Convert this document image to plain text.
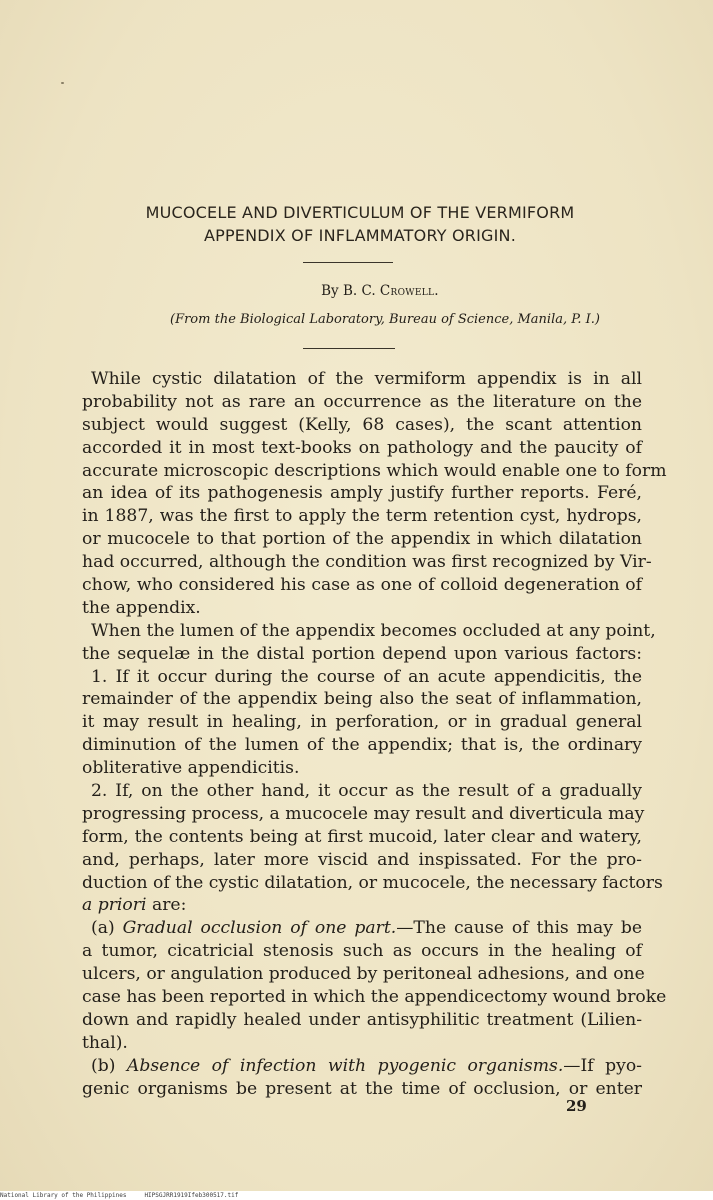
MUCOCELE AND DIVERTICULUM OF THE VERMIFORM
APPENDIX OF INFLAMMATORY ORIGIN.
By B. C. Crowell.
(From the Biological Laboratory, Bureau of Science, Manila, P. I.)
While cystic dilatation of the vermiform appendix is in all
probability not as rare an occurrence as the literature on the
subject would suggest (Kelly, 68 cases), the scant attention
accorded it in most text-books on pathology and the paucity of
accurate microscopic descriptions which would enable one to form
an idea of its pathogenesis amply justify further reports. Feré,
in 1887, was the first to apply the term retention cyst, hydrops,
or mucocele to that portion of the appendix in which dilatation
had occurred, although the condition was first recognized by Vir-
chow, who considered his case as one of colloid degeneration of
the appendix.
When the lumen of the appendix becomes occluded at any point,
the sequelæ in the distal portion depend upon various factors:
1. If it occur during the course of an acute appendicitis, the
remainder of the appendix being also the seat of inflammation,
it may result in healing, in perforation, or in gradual general
diminution of the lumen of the appendix; that is, the ordinary
obliterative appendicitis.
2. If, on the other hand, it occur as the result of a gradually
progressing process, a mucocele may result and diverticula may
form, the contents being at first mucoid, later clear and watery,
and, perhaps, later more viscid and inspissated. For the pro-
duction of the cystic dilatation, or mucocele, the necessary factors
a priori are:
(a) Gradual occlusion of one part.—The cause of this may be
a tumor, cicatricial stenosis such as occurs in the healing of
ulcers, or angulation produced by peritoneal adhesions, and one
case has been reported in which the appendicectomy wound broke
down and rapidly healed under antisyphilitic treatment (Lilien-
thal).
(b) Absence of infection with pyogenic organisms.—If pyo-
genic organisms be present at the time of occlusion, or enter
29
National Library of the Philippines	HIPSGJRR1919Ifeb300517.tif
